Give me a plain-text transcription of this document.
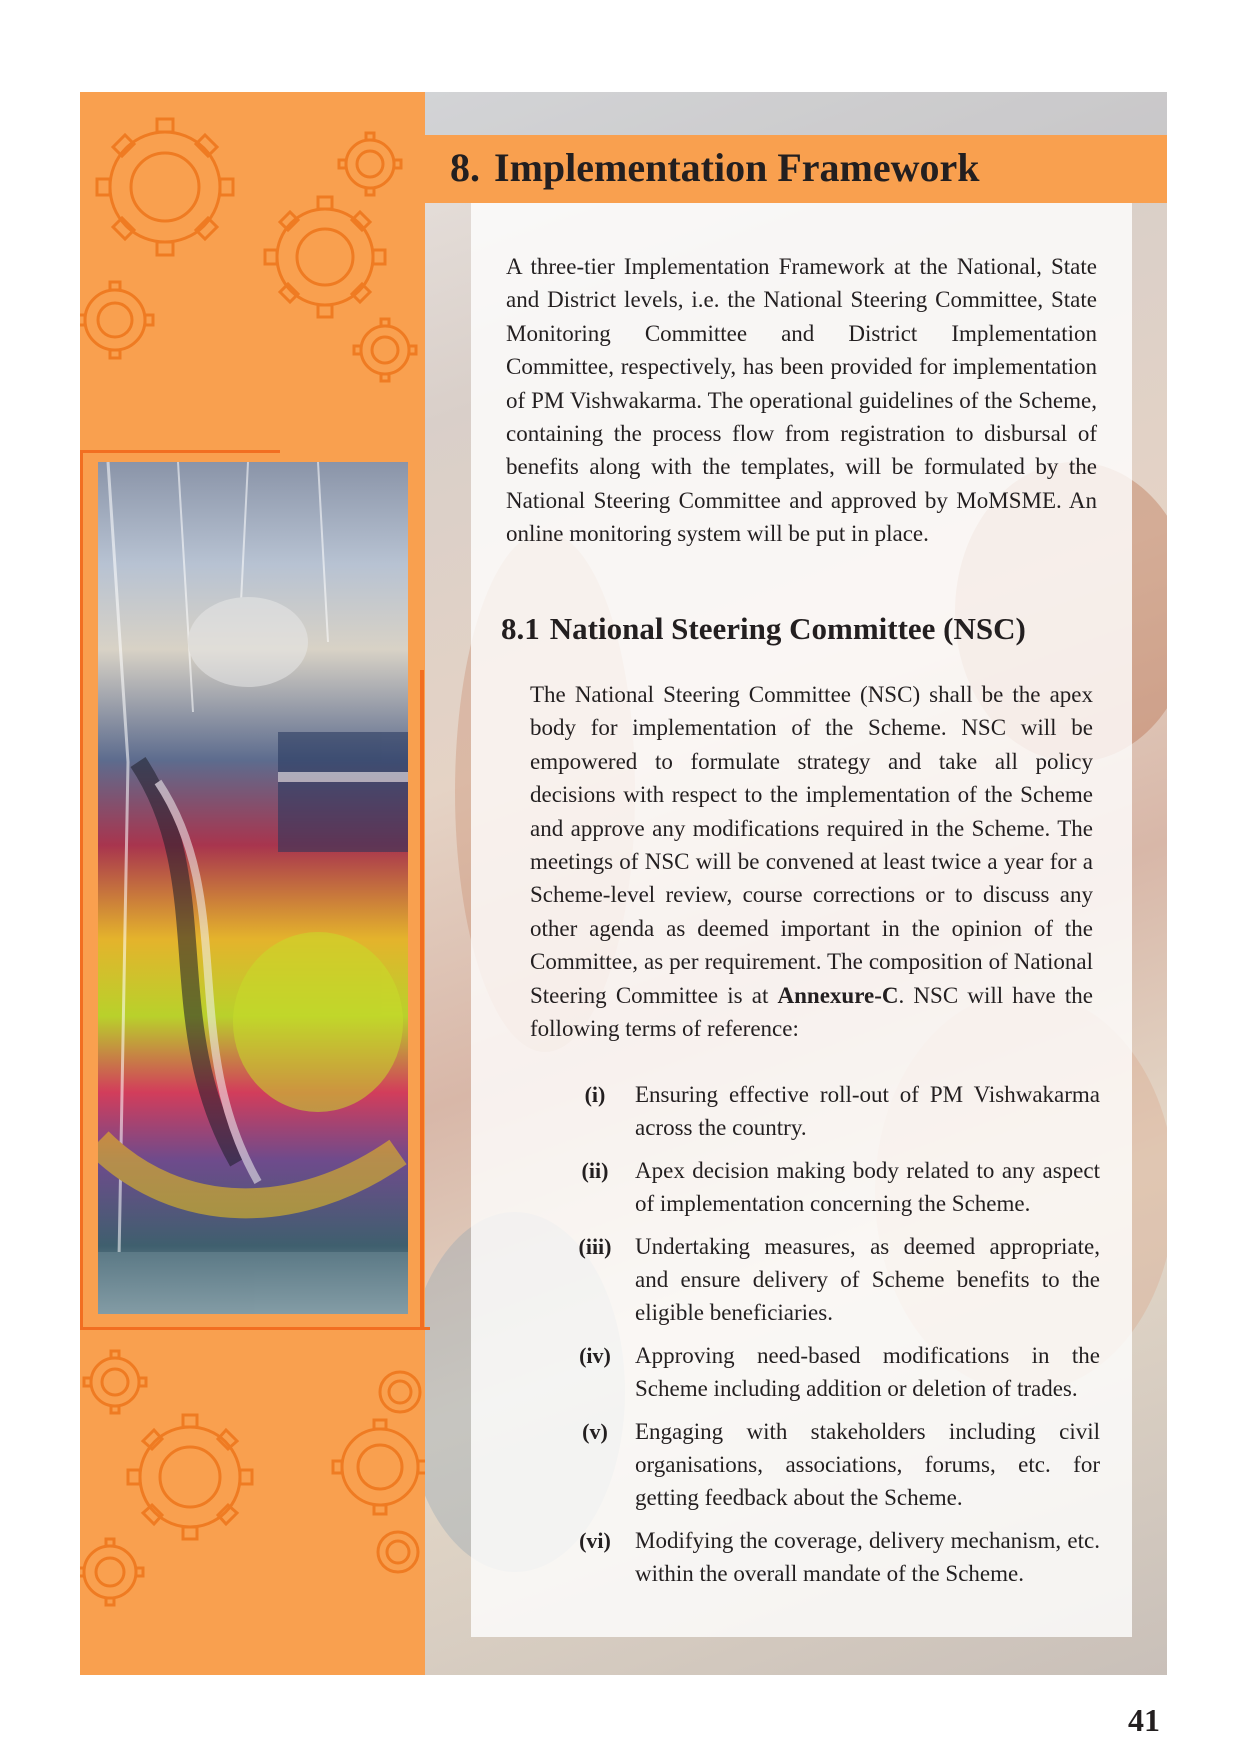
8. Implementation Framework

A three-tier Implementation Framework at the National, State and District levels, i.e. the National Steering Committee, State Monitoring Committee and District Implementation Committee, respectively, has been provided for implementation of PM Vishwakarma. The operational guidelines of the Scheme, containing the process flow from registration to disbursal of benefits along with the templates, will be formulated by the National Steering Committee and approved by MoMSME. An online monitoring system will be put in place.

8.1 National Steering Committee (NSC)

The National Steering Committee (NSC) shall be the apex body for implementation of the Scheme. NSC will be empowered to formulate strategy and take all policy decisions with respect to the implementation of the Scheme and approve any modifications required in the Scheme. The meetings of NSC will be convened at least twice a year for a Scheme-level review, course corrections or to discuss any other agenda as deemed important in the opinion of the Committee, as per requirement. The composition of National Steering Committee is at Annexure-C. NSC will have the following terms of reference:

(i)	Ensuring effective roll-out of PM Vishwakarma across the country.
(ii)	Apex decision making body related to any aspect of implementation concerning the Scheme.
(iii)	Undertaking measures, as deemed appropriate, and ensure delivery of Scheme benefits to the eligible beneficiaries.
(iv)	Approving need-based modifications in the Scheme including addition or deletion of trades.
(v)	Engaging with stakeholders including civil organisations, associations, forums, etc. for getting feedback about the Scheme.
(vi)	Modifying the coverage, delivery mechanism, etc. within the overall mandate of the Scheme.
41
